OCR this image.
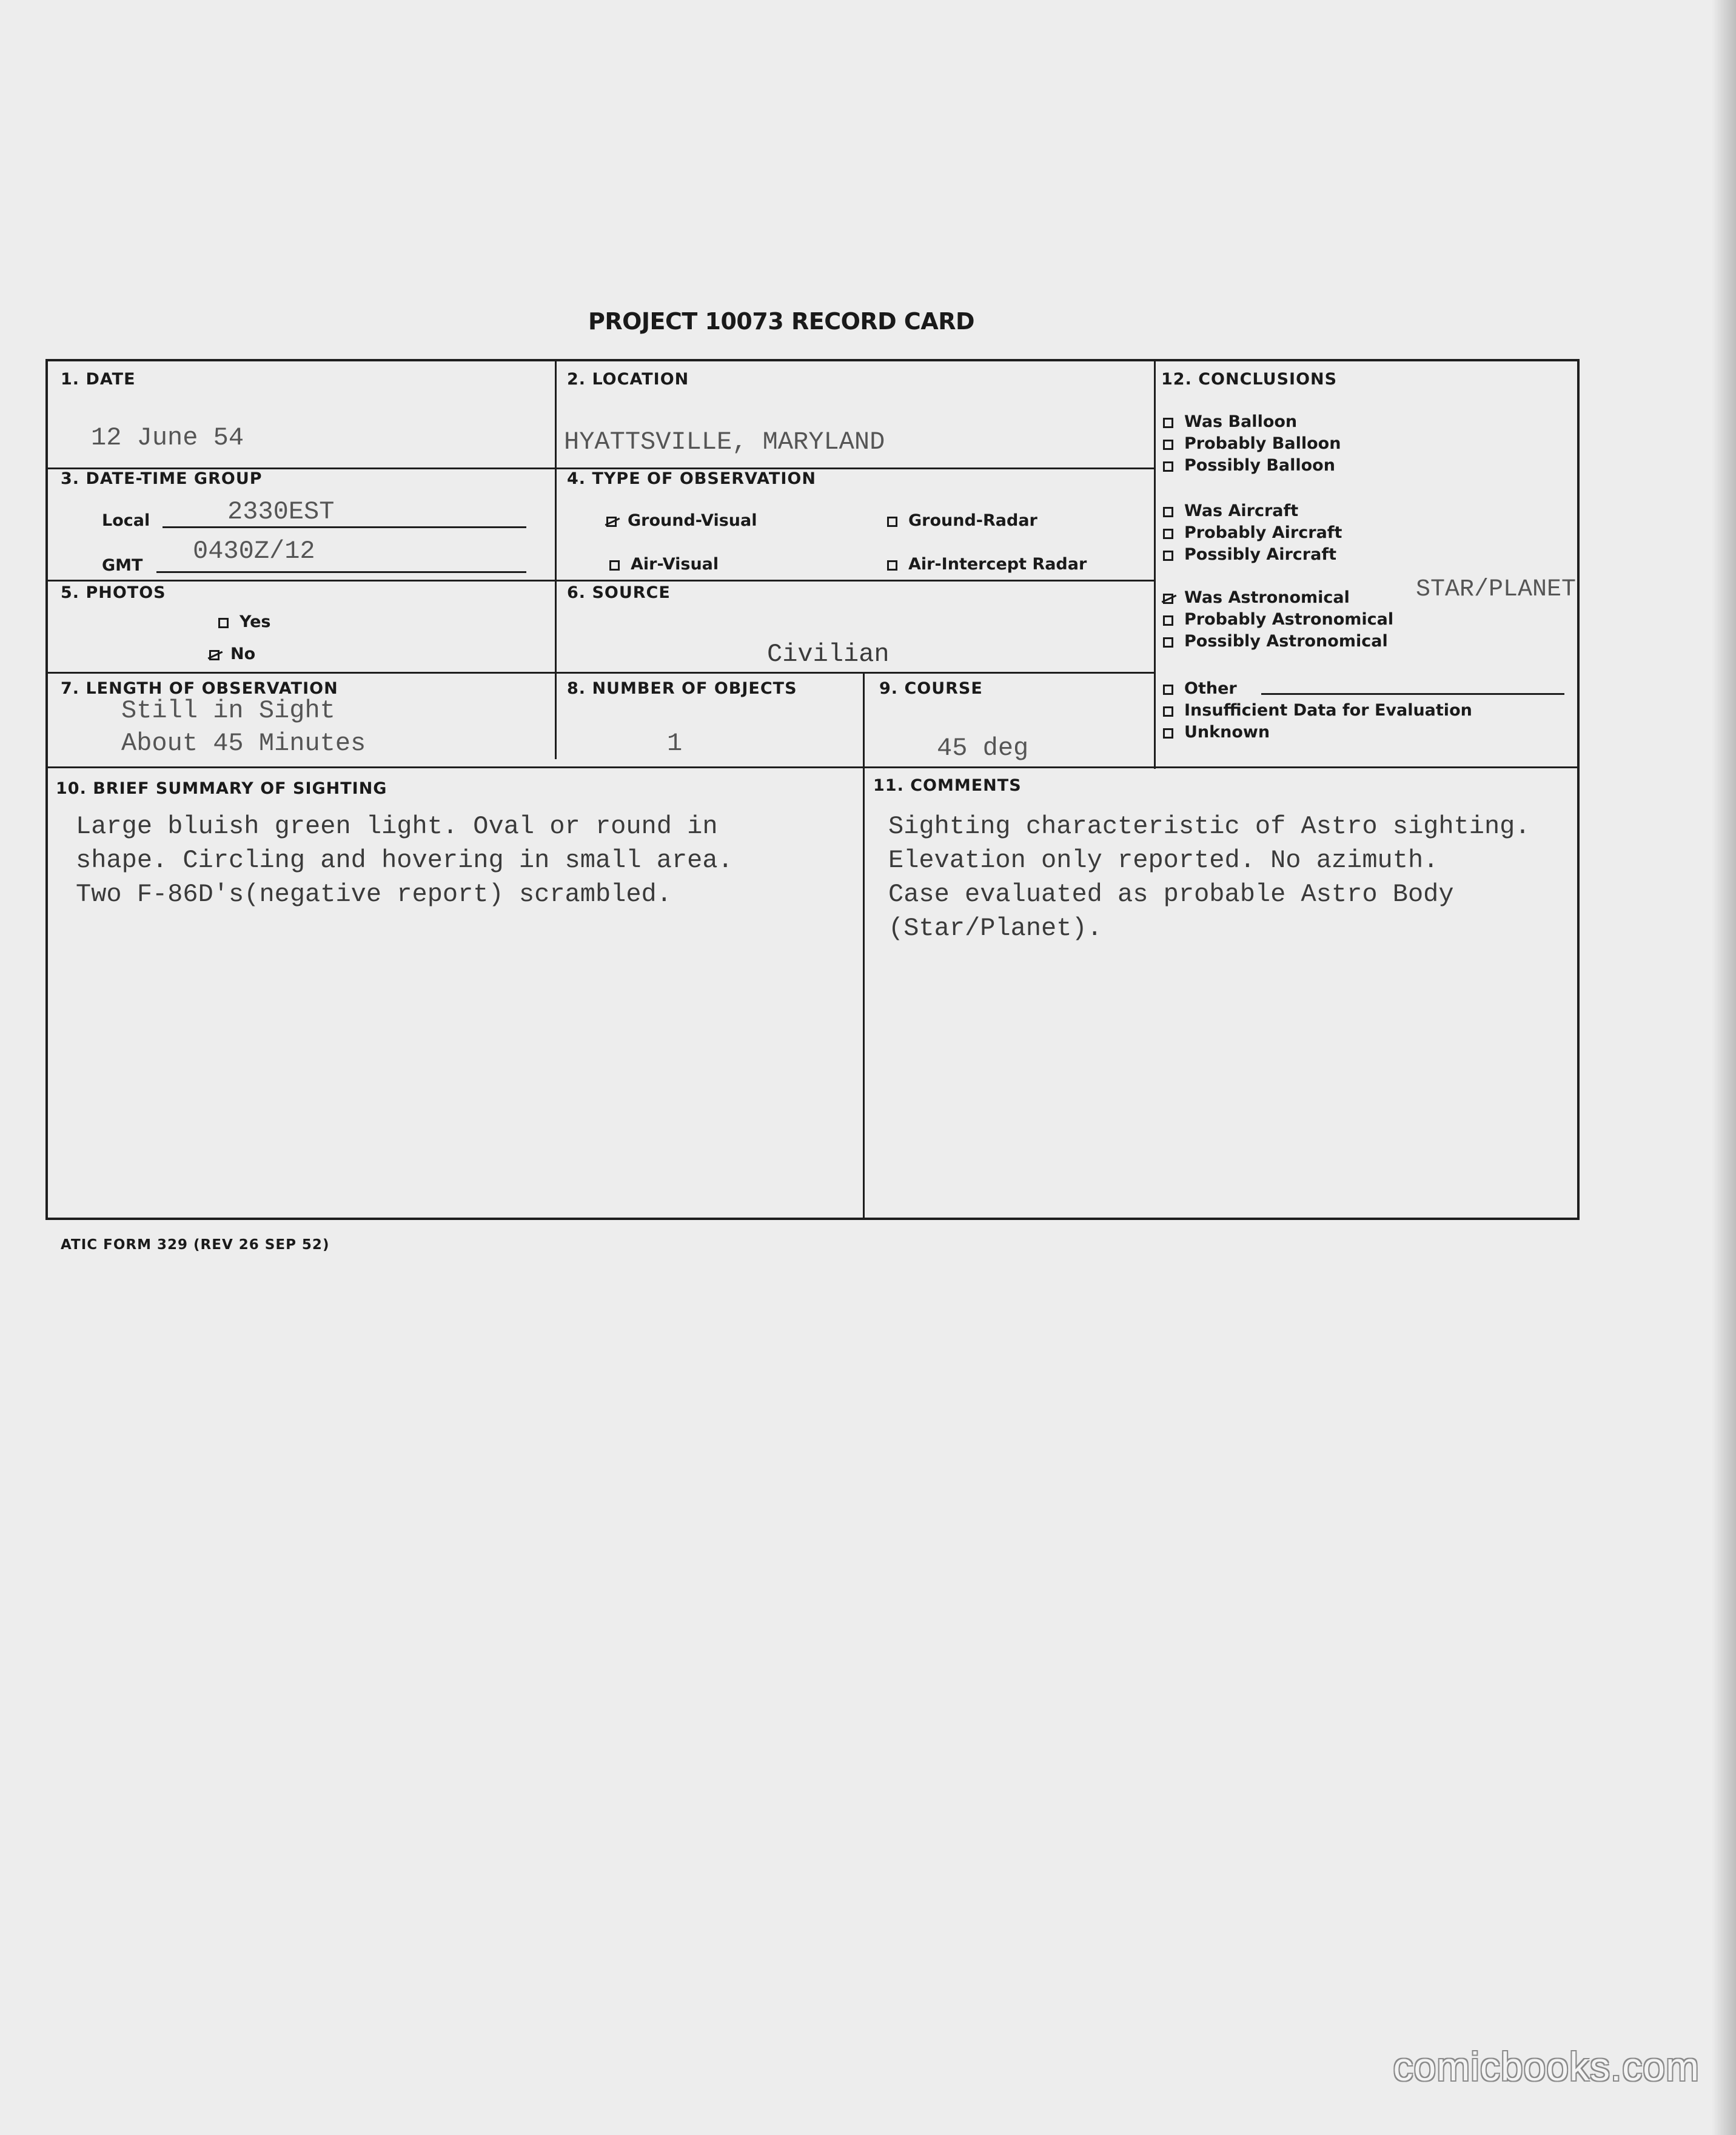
PROJECT 10073 RECORD CARD
1. DATE
12 June 54
2. LOCATION
HYATTSVILLE, MARYLAND
3. DATE-TIME GROUP
Local	2330EST
GMT 0430Z/12
4. TYPE OF OBSERVATION
Ground-Visual	Ground-Radar
Air-Visual	Air-Intercept Radar
5. PHOTOS
Yes
No
6. SOURCE
Civilian
7. LENGTH OF OBSERVATION
Still in Sight
About 45 Minutes
8. NUMBER OF OBJECTS
1
9. COURSE
45 deg
10. BRIEF SUMMARY OF SIGHTING
Large bluish green light. Oval or round in
shape. Circling and hovering in small area.
Two F-86D's(negative report) scrambled.
11. COMMENTS
Sighting characteristic of Astro sighting.
Elevation only reported. No azimuth.
Case evaluated as probable Astro Body
(Star/Planet).
12. CONCLUSIONS
Was Balloon
Probably Balloon
Possibly Balloon
Was Aircraft
Probably Aircraft
Possibly Aircraft
Was Astronomical	STAR/PLANET
Probably Astronomical
Possibly Astronomical
Other
Insufficient Data for Evaluation
Unknown
ATIC FORM 329 (REV 26 SEP 52)
comicbooks.com
